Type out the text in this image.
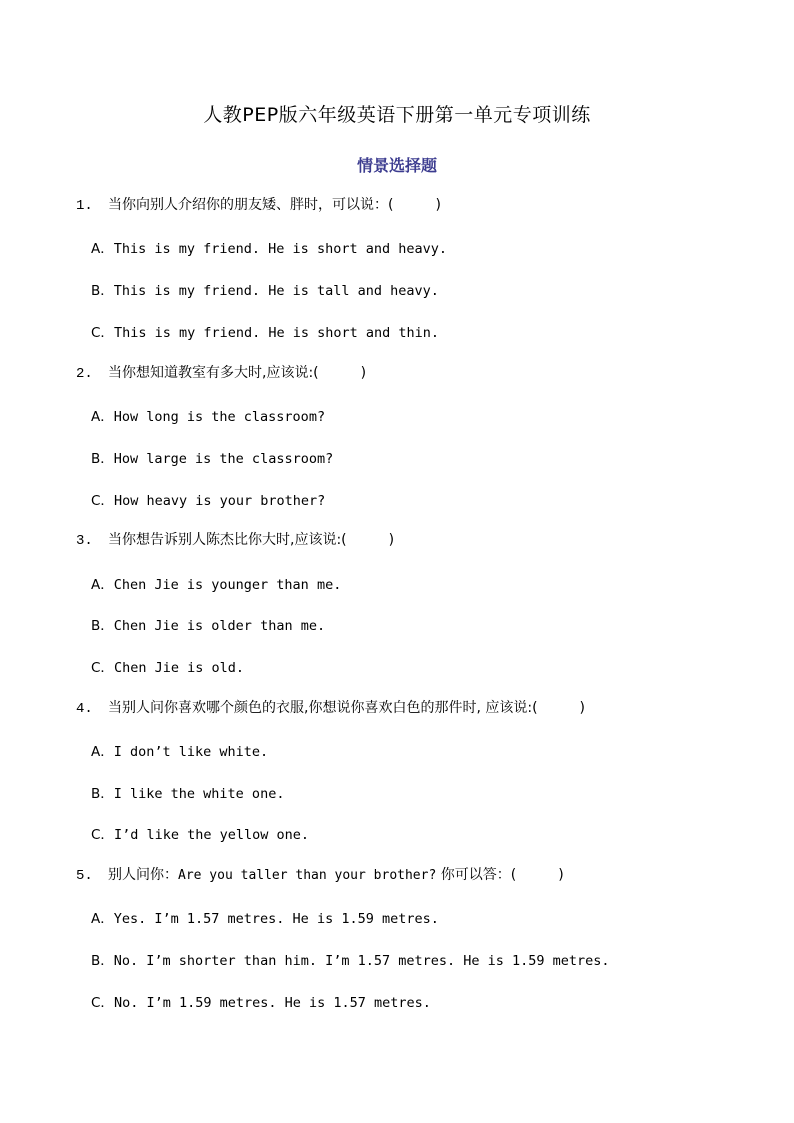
人教PEP版六年级英语下册第一单元专项训练
情景选择题
1. 当你向别人介绍你的朋友矮、胖时，可以说：(　　　)
A．This is my friend. He is short and heavy.
B．This is my friend. He is tall and heavy.
C．This is my friend. He is short and thin.
2. 当你想知道教室有多大时,应该说:(　　　)
A．How long is the classroom?
B．How large is the classroom?
C．How heavy is your brother?
3. 当你想告诉别人陈杰比你大时,应该说:(　　　)
A．Chen Jie is younger than me.
B．Chen Jie is older than me.
C．Chen Jie is old.
4. 当别人问你喜欢哪个颜色的衣服,你想说你喜欢白色的那件时, 应该说:(　　　)
A．I don’t like white.
B．I like the white one.
C．I’d like the yellow one.
5. 别人问你：Are you taller than your brother? 你可以答：(　　　)
A．Yes. I’m 1.57 metres. He is 1.59 metres.
B．No. I’m shorter than him. I’m 1.57 metres. He is 1.59 metres.
C．No. I’m 1.59 metres. He is 1.57 metres.
